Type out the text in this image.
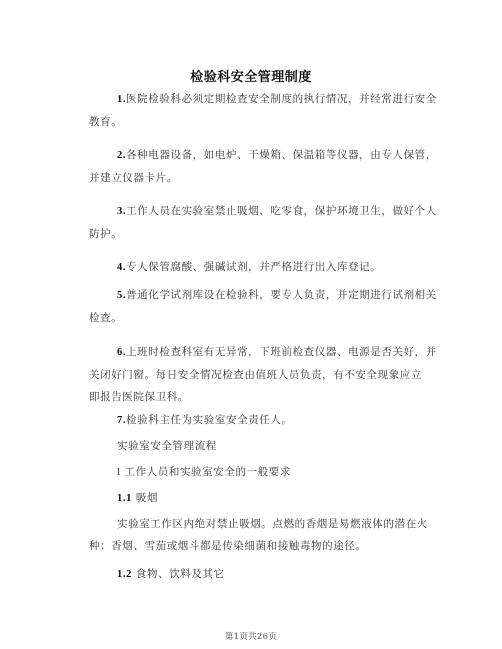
检验科安全管理制度
1.医院检验科必须定期检查安全制度的执行情况，并经常进行安全
教育。
2.各种电器设备，如电炉、干燥箱、保温箱等仪器，由专人保管，
并建立仪器卡片。
3.工作人员在实验室禁止吸烟、吃零食，保护环境卫生，做好个人
防护。
4.专人保管腐酸、强碱试剂，并严格进行出入库登记。
5.普通化学试剂库设在检验科，要专人负责，并定期进行试剂相关
检查。
6.上班时检查科室有无异常，下班前检查仪器、电源是否关好，并
关闭好门窗。每日安全情况检查由值班人员负责，有不安全现象应立
即报告医院保卫科。
7.检验科主任为实验室安全责任人。
实验室安全管理流程
l 工作人员和实验室安全的一般要求
1.1 吸烟
实验室工作区内绝对禁止吸烟。点燃的香烟是易燃液体的潜在火
种；香烟、雪茄或烟斗都是传染细菌和接触毒物的途径。
1.2 食物、饮料及其它
第1页共26页
